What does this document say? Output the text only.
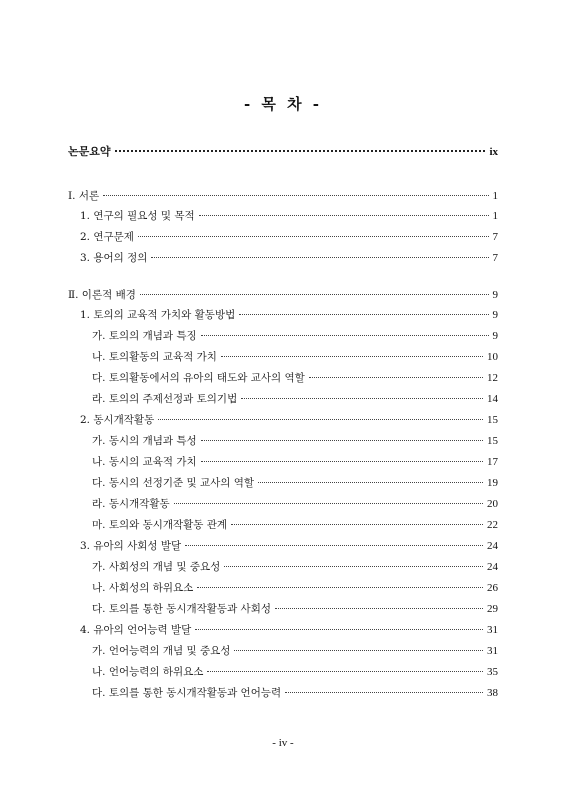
- 목 차 -
논문요약	ix
Ⅰ. 서론	1
1. 연구의 필요성 및 목적	1
2. 연구문제	7
3. 용어의 정의	7
Ⅱ. 이론적 배경	9
1. 토의의 교육적 가치와 활동방법	9
가. 토의의 개념과 특징	9
나. 토의활동의 교육적 가치	10
다. 토의활동에서의 유아의 태도와 교사의 역할	12
라. 토의의 주제선정과 토의기법	14
2. 동시개작활동	15
가. 동시의 개념과 특성	15
나. 동시의 교육적 가치	17
다. 동시의 선정기준 및 교사의 역할	19
라. 동시개작활동	20
마. 토의와 동시개작활동 관계	22
3. 유아의 사회성 발달	24
가. 사회성의 개념 및 중요성	24
나. 사회성의 하위요소	26
다. 토의를 통한 동시개작활동과 사회성	29
4. 유아의 언어능력 발달	31
가. 언어능력의 개념 및 중요성	31
나. 언어능력의 하위요소	35
다. 토의를 통한 동시개작활동과 언어능력	38
- iv -
